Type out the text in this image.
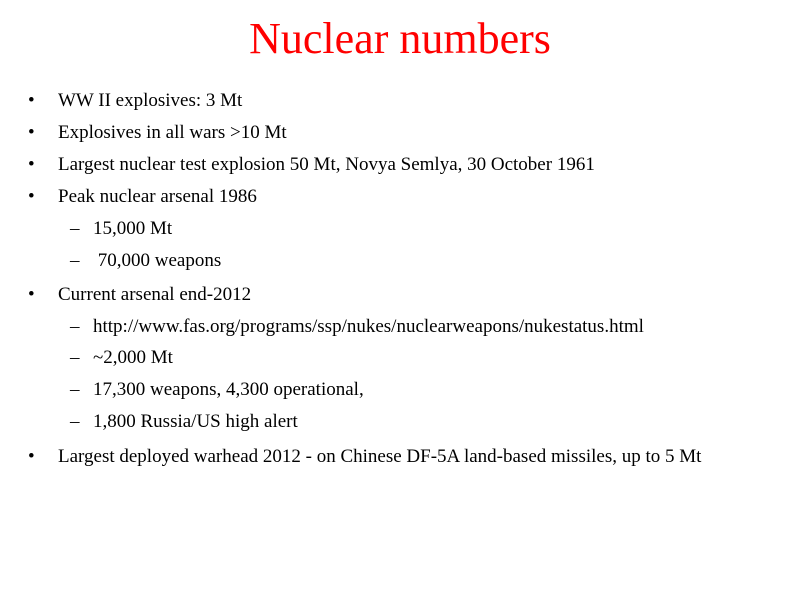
Nuclear numbers
• WW II explosives: 3 Mt
• Explosives in all wars >10 Mt
• Largest nuclear test explosion 50 Mt, Novya Semlya, 30 October 1961
• Peak nuclear arsenal 1986
– 15,000 Mt
– 70,000 weapons
• Current arsenal end-2012
– http://www.fas.org/programs/ssp/nukes/nuclearweapons/nukestatus.html
– ~2,000 Mt
– 17,300 weapons, 4,300 operational,
– 1,800 Russia/US high alert
• Largest deployed warhead 2012 - on Chinese DF-5A land-based missiles, up to 5 Mt
